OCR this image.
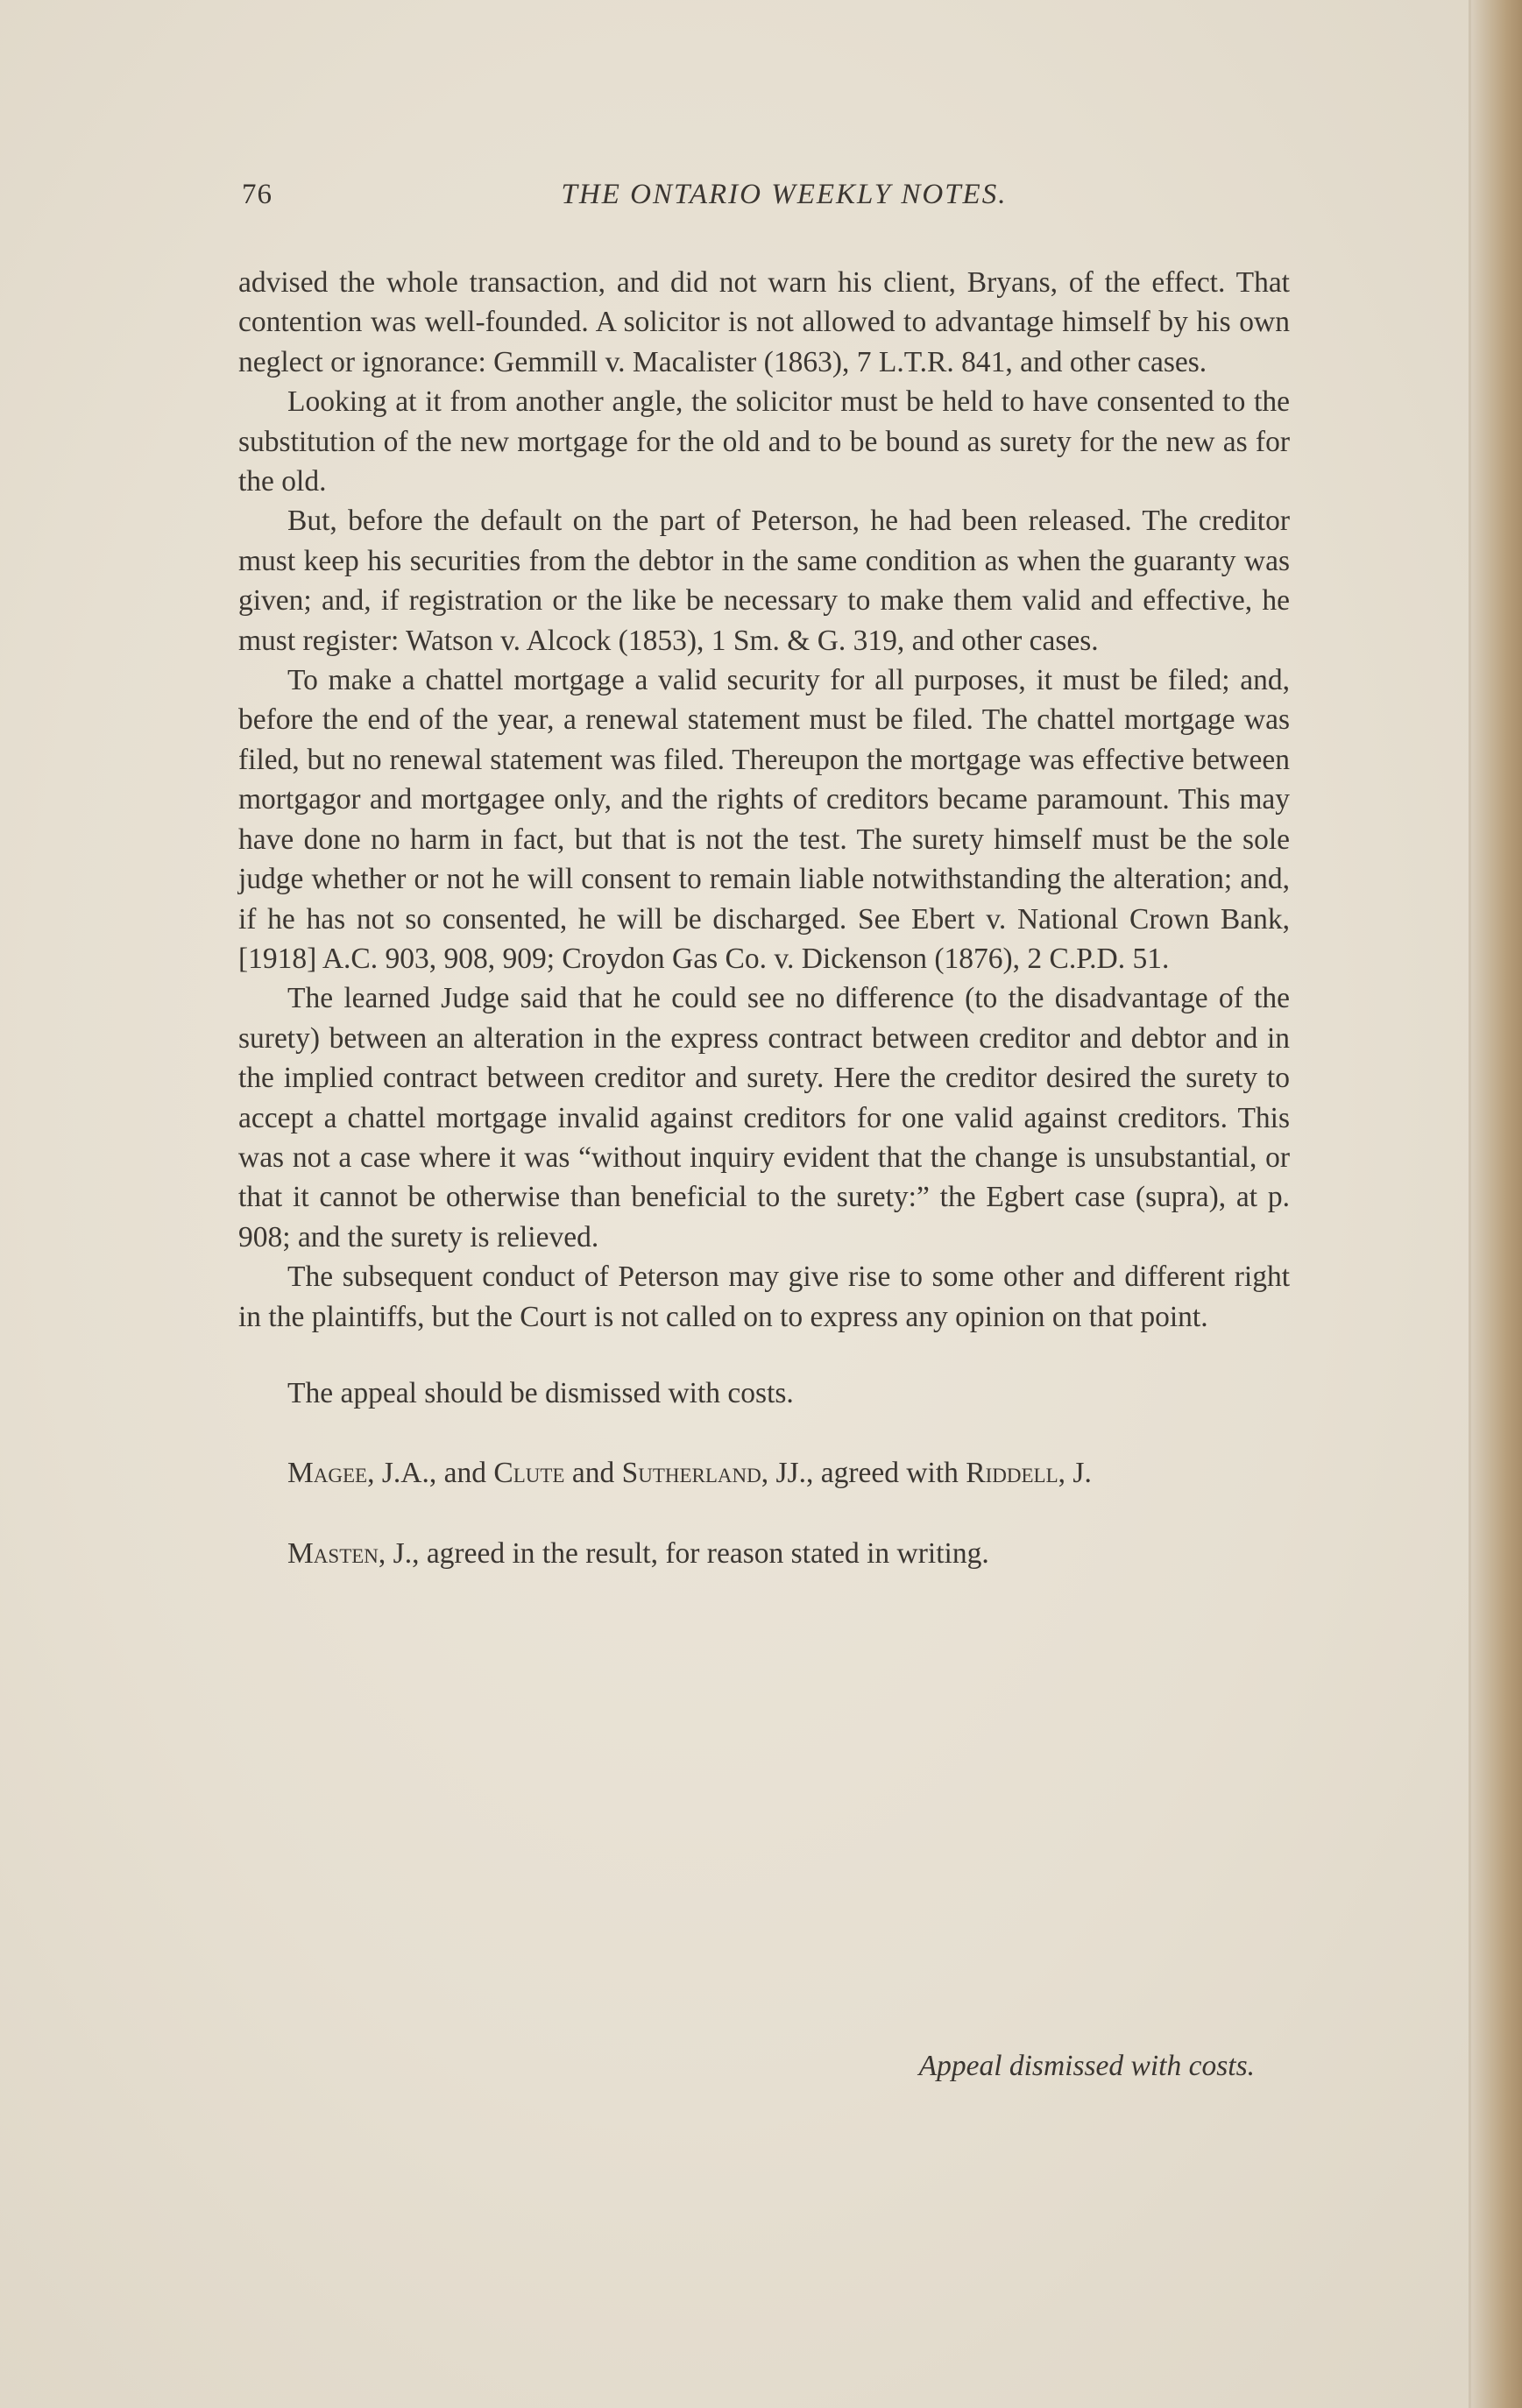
76	THE ONTARIO WEEKLY NOTES.

advised the whole transaction, and did not warn his client, Bryans, of the effect. That contention was well-founded. A solicitor is not allowed to advantage himself by his own neglect or ignorance: Gemmill v. Macalister (1863), 7 L.T.R. 841, and other cases.

Looking at it from another angle, the solicitor must be held to have consented to the substitution of the new mortgage for the old and to be bound as surety for the new as for the old.

But, before the default on the part of Peterson, he had been released. The creditor must keep his securities from the debtor in the same condition as when the guaranty was given; and, if registration or the like be necessary to make them valid and effective, he must register: Watson v. Alcock (1853), 1 Sm. & G. 319, and other cases.

To make a chattel mortgage a valid security for all purposes, it must be filed; and, before the end of the year, a renewal statement must be filed. The chattel mortgage was filed, but no renewal statement was filed. Thereupon the mortgage was effective between mortgagor and mortgagee only, and the rights of creditors became paramount. This may have done no harm in fact, but that is not the test. The surety himself must be the sole judge whether or not he will consent to remain liable notwithstanding the alteration; and, if he has not so consented, he will be discharged. See Ebert v. National Crown Bank, [1918] A.C. 903, 908, 909; Croydon Gas Co. v. Dickenson (1876), 2 C.P.D. 51.

The learned Judge said that he could see no difference (to the disadvantage of the surety) between an alteration in the express contract between creditor and debtor and in the implied contract between creditor and surety. Here the creditor desired the surety to accept a chattel mortgage invalid against creditors for one valid against creditors. This was not a case where it was “without inquiry evident that the change is unsubstantial, or that it cannot be otherwise than beneficial to the surety:” the Egbert case (supra), at p. 908; and the surety is relieved.

The subsequent conduct of Peterson may give rise to some other and different right in the plaintiffs, but the Court is not called on to express any opinion on that point.

The appeal should be dismissed with costs.

Magee, J.A., and Clute and Sutherland, JJ., agreed with Riddell, J.

Masten, J., agreed in the result, for reason stated in writing.

Appeal dismissed with costs.
